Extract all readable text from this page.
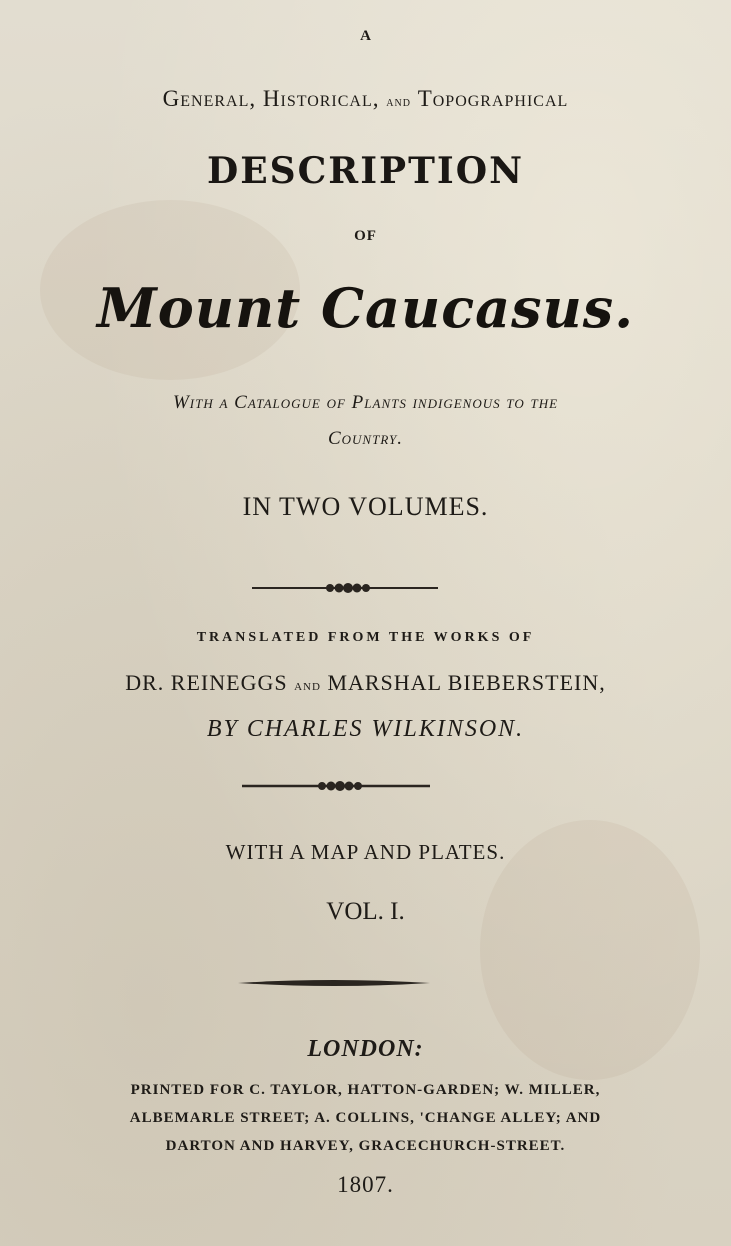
A
General, Historical, and Topographical
DESCRIPTION
OF
Mount Caucasus.
With a Catalogue of Plants indigenous to the
Country.
IN TWO VOLUMES.
TRANSLATED FROM THE WORKS OF
DR. REINEGGS and MARSHAL BIEBERSTEIN,
BY CHARLES WILKINSON.
WITH A MAP AND PLATES.
VOL. I.
LONDON:
PRINTED FOR C. TAYLOR, HATTON-GARDEN; W. MILLER,
ALBEMARLE STREET; A. COLLINS, 'CHANGE ALLEY; AND
DARTON AND HARVEY, GRACECHURCH-STREET.
1807.
